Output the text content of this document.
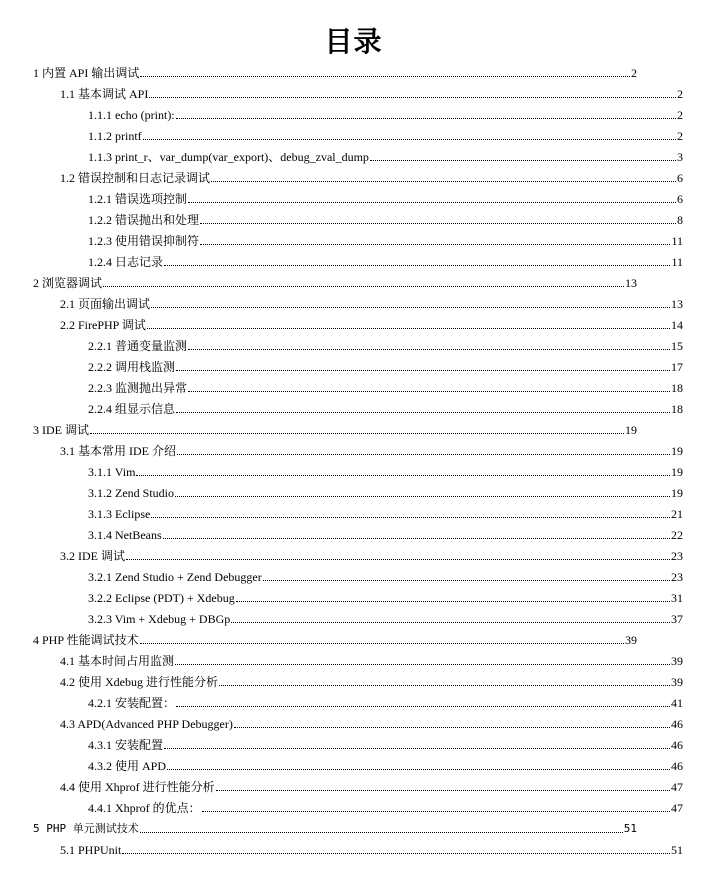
目录
1 内置 API 输出调试	2
1.1 基本调试 API	2
1.1.1 echo (print):	2
1.1.2 printf	2
1.1.3 print_r、var_dump(var_export)、debug_zval_dump	3
1.2 错误控制和日志记录调试	6
1.2.1 错误选项控制	6
1.2.2 错误抛出和处理	8
1.2.3 使用错误抑制符	11
1.2.4 日志记录	11
2 浏览器调试	13
2.1 页面输出调试	13
2.2 FirePHP 调试	14
2.2.1 普通变量监测	15
2.2.2 调用栈监测	17
2.2.3 监测抛出异常	18
2.2.4 组显示信息	18
3 IDE 调试	19
3.1 基本常用 IDE 介绍	19
3.1.1 Vim	19
3.1.2 Zend Studio	19
3.1.3 Eclipse	21
3.1.4 NetBeans	22
3.2 IDE 调试	23
3.2.1 Zend Studio + Zend Debugger	23
3.2.2 Eclipse (PDT) + Xdebug	31
3.2.3 Vim + Xdebug + DBGp	37
4 PHP 性能调试技术	39
4.1 基本时间占用监测	39
4.2 使用 Xdebug 进行性能分析	39
4.2.1 安装配置：	41
4.3 APD(Advanced PHP Debugger)	46
4.3.1 安装配置	46
4.3.2 使用 APD	46
4.4 使用 Xhprof 进行性能分析	47
4.4.1 Xhprof 的优点：	47
5 PHP 单元测试技术	51
5.1 PHPUnit	51
